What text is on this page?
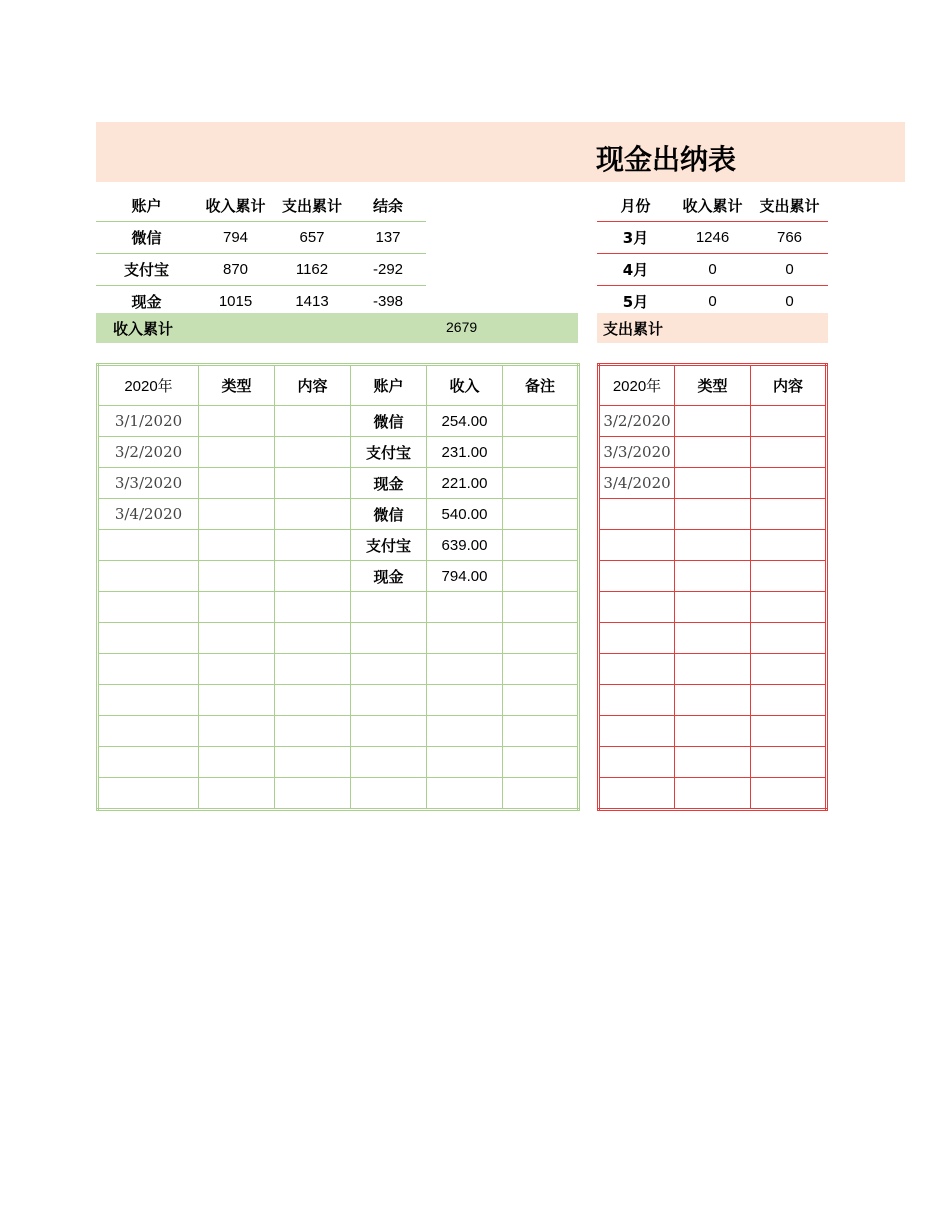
现金出纳表
账户	收入累计	支出累计	结余
微信	794	657	137
支付宝	870	1162	-292
现金	1015	1413	-398
月份	收入累计	支出累计
3月	1246	766
4月	0	0
5月	0	0
收入累计	2679	支出累计
2020年	类型	内容	账户	收入	备注
3/1/2020			微信	254.00	
3/2/2020			支付宝	231.00	
3/3/2020			现金	221.00	
3/4/2020			微信	540.00	
			支付宝	639.00	
			现金	794.00	

2020年	类型	内容
3/2/2020		
3/3/2020		
3/4/2020		
